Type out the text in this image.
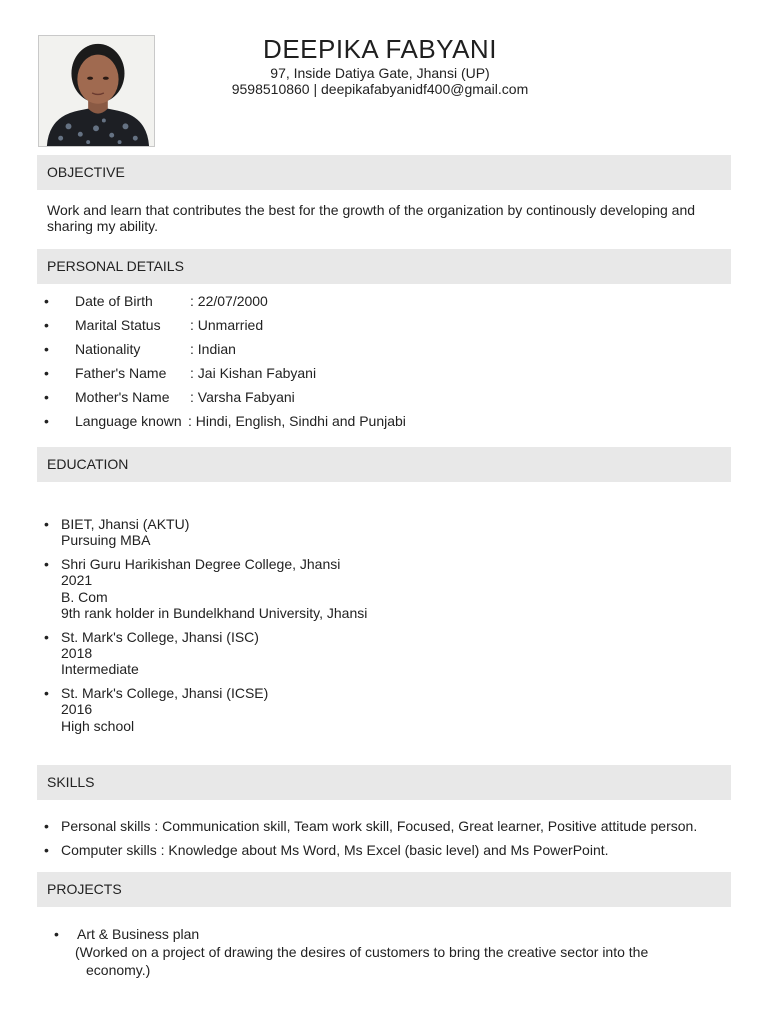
DEEPIKA FABYANI
97, Inside Datiya Gate, Jhansi (UP)
9598510860 | deepikafabyanidf400@gmail.com
OBJECTIVE
Work and learn that contributes the best for the growth of the organization by continously developing and sharing my ability.
PERSONAL DETAILS
• Date of Birth	: 22/07/2000
• Marital Status : Unmarried
• Nationality	: Indian
• Father's Name : Jai Kishan Fabyani
• Mother's Name : Varsha Fabyani
• Language known : Hindi, English, Sindhi and Punjabi
EDUCATION
• BIET, Jhansi (AKTU)
Pursuing MBA
• Shri Guru Harikishan Degree College, Jhansi
2021
B. Com
9th rank holder in Bundelkhand University, Jhansi
• St. Mark's College, Jhansi (ISC)
2018
Intermediate
• St. Mark's College, Jhansi (ICSE)
2016
High school
SKILLS
• Personal skills : Communication skill, Team work skill, Focused, Great learner, Positive attitude person.
• Computer skills : Knowledge about Ms Word, Ms Excel (basic level) and Ms PowerPoint.
PROJECTS
•	Art & Business plan
(Worked on a project of drawing the desires of customers to bring the creative sector into the
economy.)
